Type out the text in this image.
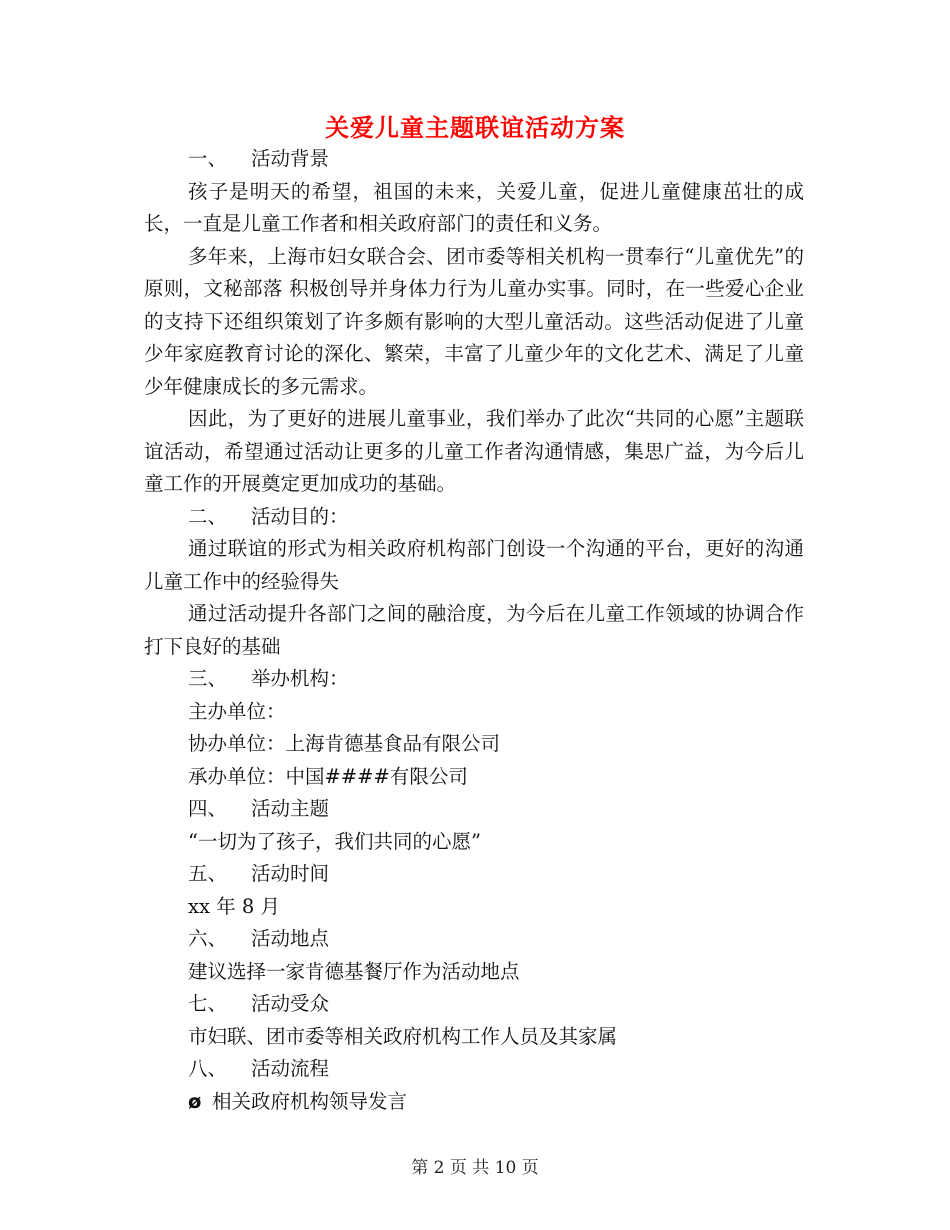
关爱儿童主题联谊活动方案

一、 活动背景

孩子是明天的希望，祖国的未来，关爱儿童，促进儿童健康茁壮的成长，一直是儿童工作者和相关政府部门的责任和义务。

多年来，上海市妇女联合会、团市委等相关机构一贯奉行“儿童优先”的原则，文秘部落 积极创导并身体力行为儿童办实事。同时，在一些爱心企业的支持下还组织策划了许多颇有影响的大型儿童活动。这些活动促进了儿童少年家庭教育讨论的深化、繁荣，丰富了儿童少年的文化艺术、满足了儿童少年健康成长的多元需求。

因此，为了更好的进展儿童事业，我们举办了此次“共同的心愿”主题联谊活动，希望通过活动让更多的儿童工作者沟通情感，集思广益，为今后儿童工作的开展奠定更加成功的基础。

二、 活动目的：

通过联谊的形式为相关政府机构部门创设一个沟通的平台，更好的沟通儿童工作中的经验得失

通过活动提升各部门之间的融洽度，为今后在儿童工作领域的协调合作打下良好的基础

三、 举办机构：

主办单位：

协办单位：上海肯德基食品有限公司

承办单位：中国####有限公司

四、 活动主题

“一切为了孩子，我们共同的心愿”

五、 活动时间

xx 年 8 月

六、 活动地点

建议选择一家肯德基餐厅作为活动地点

七、 活动受众

市妇联、团市委等相关政府机构工作人员及其家属

八、 活动流程

ø 相关政府机构领导发言

第 2 页 共 10 页
